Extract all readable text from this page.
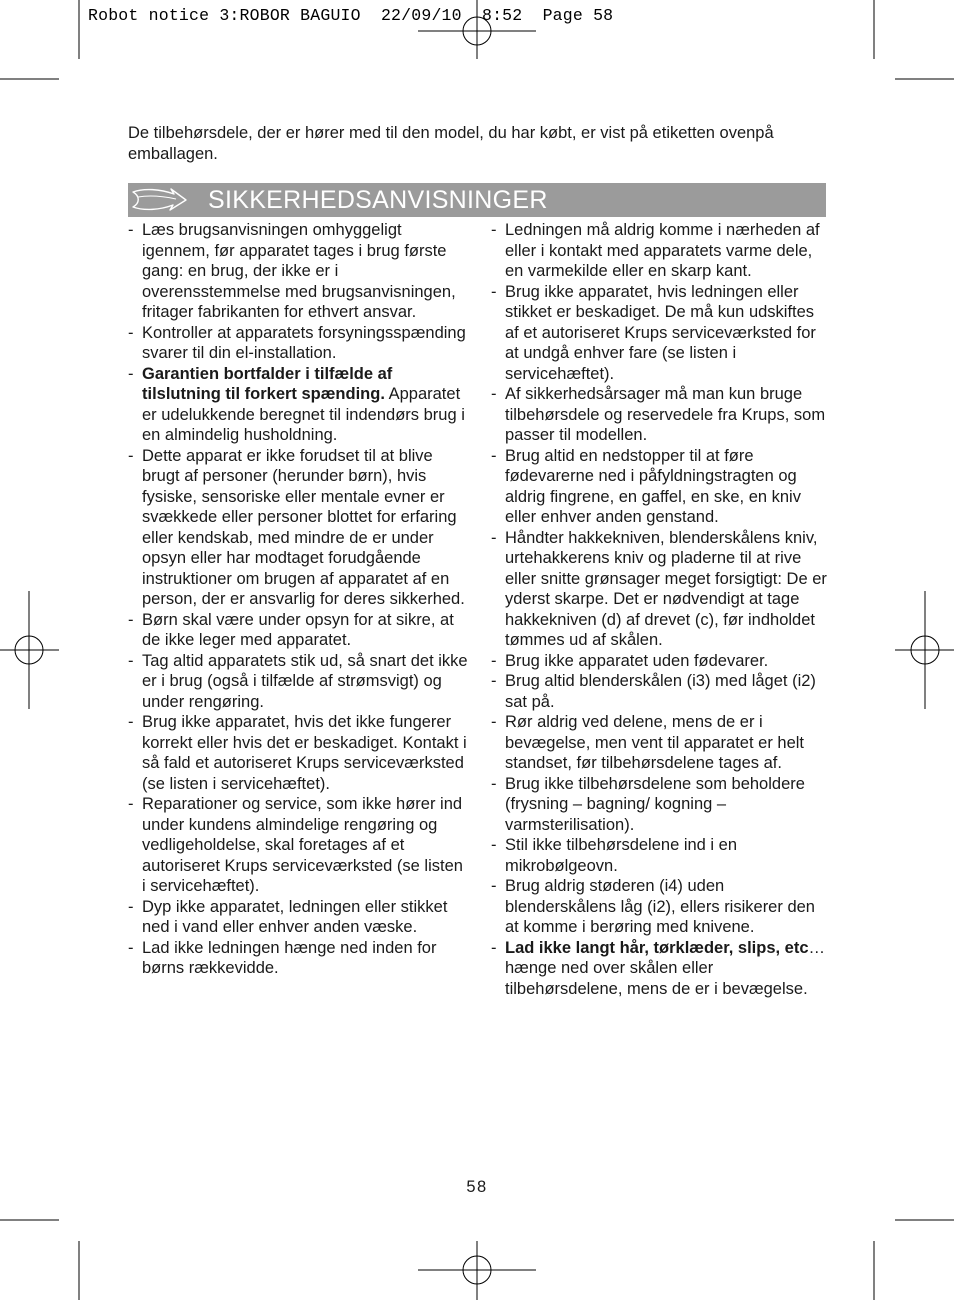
Robot notice 3:ROBOR BAGUIO  22/09/10  8:52  Page 58
De tilbehørsdele, der er hører med til den model, du har købt, er vist på etiketten ovenpå emballagen.
SIKKERHEDSANVISNINGER

- Læs brugsanvisningen omhyggeligt igennem, før apparatet tages i brug første gang: en brug, der ikke er i overensstemmelse med brugsanvisningen, fritager fabrikanten for ethvert ansvar.

- Kontroller at apparatets forsyningsspænding svarer til din el-installation.

- Garantien bortfalder i tilfælde af tilslutning til forkert spænding. Apparatet er udelukkende beregnet til indendørs brug i en almindelig husholdning.

- Dette apparat er ikke forudset til at blive brugt af personer (herunder børn), hvis fysiske, sensoriske eller mentale evner er svækkede eller personer blottet for erfaring eller kendskab, med mindre de er under opsyn eller har modtaget forudgående instruktioner om brugen af apparatet af en person, der er ansvarlig for deres sikkerhed.

- Børn skal være under opsyn for at sikre, at de ikke leger med apparatet.

- Tag altid apparatets stik ud, så snart det ikke er i brug (også i tilfælde af strømsvigt) og under rengøring.

- Brug ikke apparatet, hvis det ikke fungerer korrekt eller hvis det er beskadiget. Kontakt i så fald et autoriseret Krups serviceværksted (se listen i servicehæftet).

- Reparationer og service, som ikke hører ind under kundens almindelige rengøring og vedligeholdelse, skal foretages af et autoriseret Krups serviceværksted (se listen i servicehæftet).

- Dyp ikke apparatet, ledningen eller stikket ned i vand eller enhver anden væske.

- Lad ikke ledningen hænge ned inden for børns rækkevidde.

- Ledningen må aldrig komme i nærheden af eller i kontakt med apparatets varme dele, en varmekilde eller en skarp kant.

- Brug ikke apparatet, hvis ledningen eller stikket er beskadiget. De må kun udskiftes af et autoriseret Krups serviceværksted for at undgå enhver fare (se listen i servicehæftet).

- Af sikkerhedsårsager må man kun bruge tilbehørsdele og reservedele fra Krups, som passer til modellen.

- Brug altid en nedstopper til at føre fødevarerne ned i påfyldningstragten og aldrig fingrene, en gaffel, en ske, en kniv eller enhver anden genstand.

- Håndter hakkekniven, blenderskålens kniv, urtehakkerens kniv og pladerne til at rive eller snitte grønsager meget forsigtigt: De er yderst skarpe. Det er nødvendigt at tage hakkekniven (d) af drevet (c), før indholdet tømmes ud af skålen.

- Brug ikke apparatet uden fødevarer.

- Brug altid blenderskålen (i3) med låget (i2) sat på.

- Rør aldrig ved delene, mens de er i bevægelse, men vent til apparatet er helt standset, før tilbehørsdelene tages af.

- Brug ikke tilbehørsdelene som beholdere (frysning – bagning/ kogning – varmsterilisation).

- Stil ikke tilbehørsdelene ind i en mikrobølgeovn.

- Brug aldrig støderen (i4) uden blenderskålens låg (i2), ellers risikerer den at komme i berøring med knivene.

- Lad ikke langt hår, tørklæder, slips, etc… hænge ned over skålen eller tilbehørsdelene, mens de er i bevægelse.

58
